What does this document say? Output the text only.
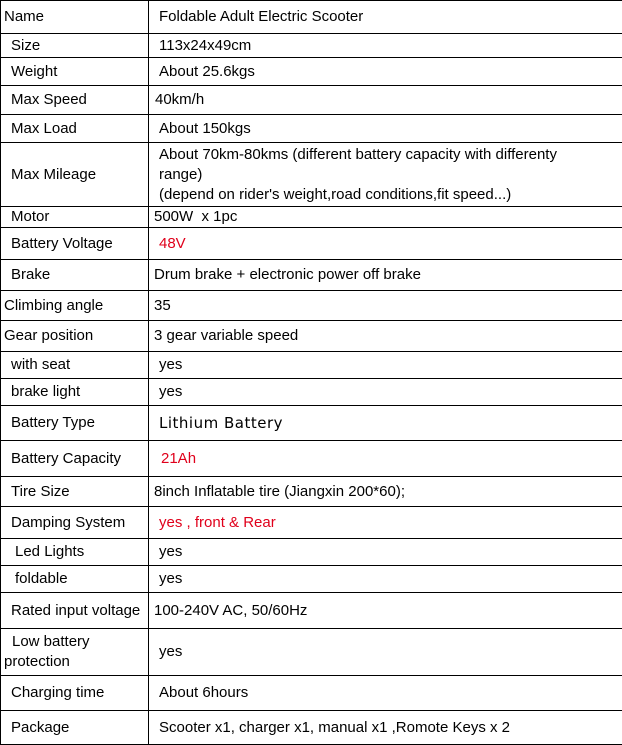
Name	Foldable Adult Electric Scooter
Size	113x24x49cm
Weight	About 25.6kgs
Max Speed	40km/h
Max Load	About 150kgs
Max Mileage	About 70km-80kms (different battery capacity with differenty range)
(depend on rider's weight,road conditions,fit speed...)

Motor	500W  x 1pc
Battery Voltage	48V
Brake	Drum brake + electronic power off brake
Climbing angle	35
Gear position	3 gear variable speed
with seat	yes
brake light	yes
Battery Type	Lithium Battery
Battery Capacity	21Ah
Tire Size	8inch Inflatable tire (Jiangxin 200*60);
Damping System	yes , front & Rear
Led Lights	yes
foldable	yes
Rated input voltage	100-240V AC, 50/60Hz
Low battery protection	yes
Charging time	About 6hours
Package	Scooter x1, charger x1, manual x1 ,Romote Keys x 2
